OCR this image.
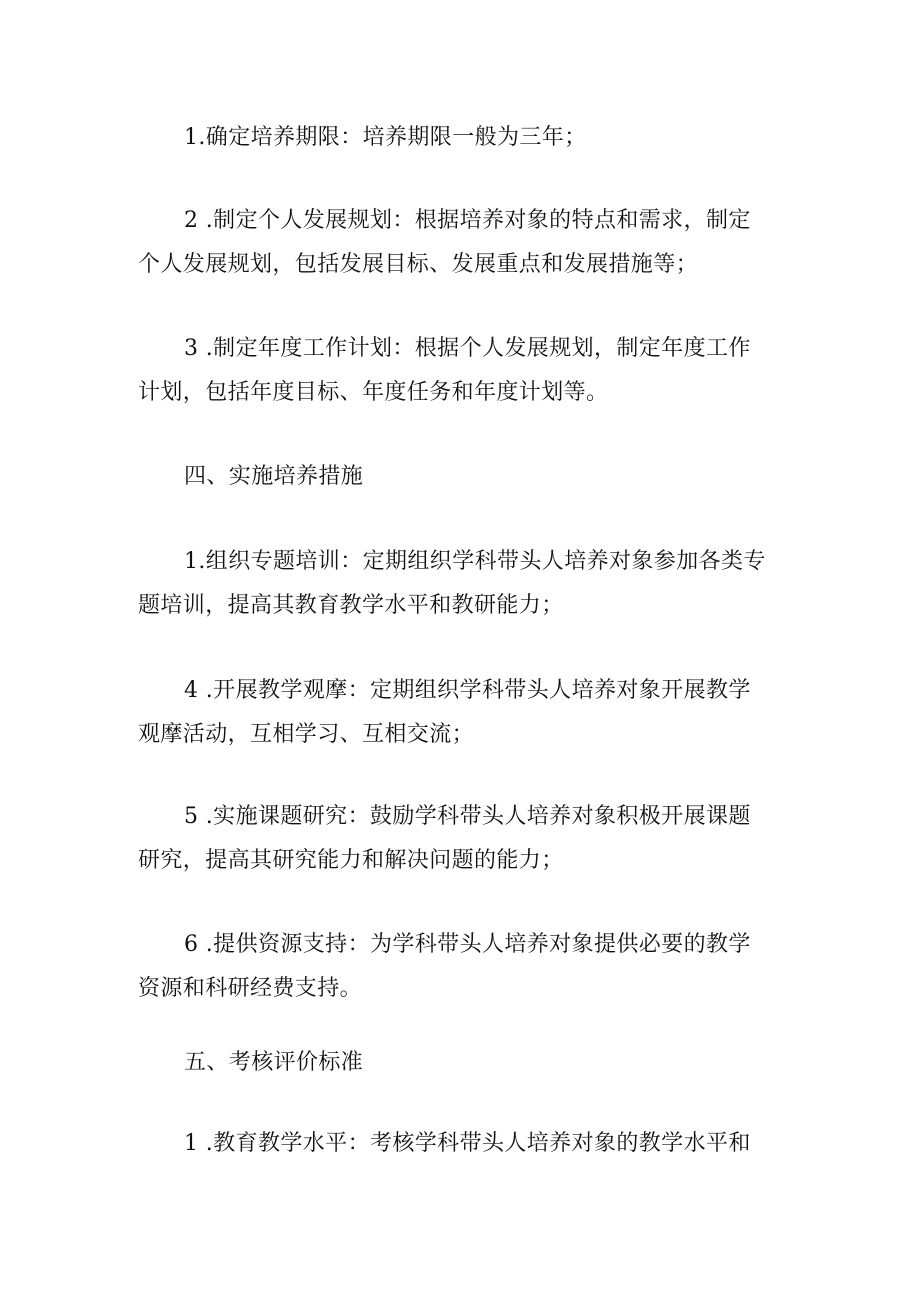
1.确定培养期限：培养期限一般为三年；

2 .制定个人发展规划：根据培养对象的特点和需求，制定
个人发展规划，包括发展目标、发展重点和发展措施等；

3 .制定年度工作计划：根据个人发展规划，制定年度工作
计划，包括年度目标、年度任务和年度计划等。

四、实施培养措施

1.组织专题培训：定期组织学科带头人培养对象参加各类专
题培训，提高其教育教学水平和教研能力；

4 .开展教学观摩：定期组织学科带头人培养对象开展教学
观摩活动，互相学习、互相交流；

5 .实施课题研究：鼓励学科带头人培养对象积极开展课题
研究，提高其研究能力和解决问题的能力；

6 .提供资源支持：为学科带头人培养对象提供必要的教学
资源和科研经费支持。

五、考核评价标准

1 .教育教学水平：考核学科带头人培养对象的教学水平和
